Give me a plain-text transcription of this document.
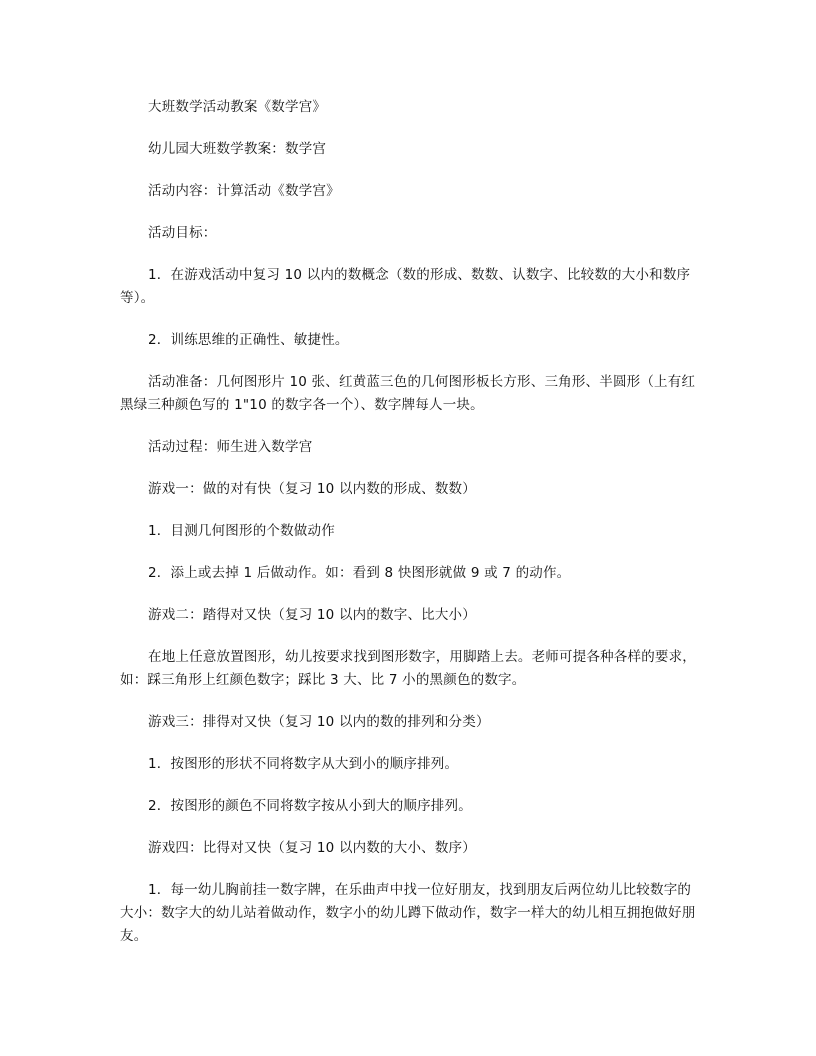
大班数学活动教案《数学宫》

幼儿园大班数学教案：数学宫

活动内容：计算活动《数学宫》

活动目标：

1．在游戏活动中复习 10 以内的数概念（数的形成、数数、认数字、比较数的大小和数序等）。

2．训练思维的正确性、敏捷性。

活动准备：几何图形片 10 张、红黄蓝三色的几何图形板长方形、三角形、半圆形（上有红黑绿三种颜色写的 1"10 的数字各一个）、数字牌每人一块。

活动过程：师生进入数学宫

游戏一：做的对有快（复习 10 以内数的形成、数数）

1．目测几何图形的个数做动作

2．添上或去掉 1 后做动作。如：看到 8 快图形就做 9 或 7 的动作。

游戏二：踏得对又快（复习 10 以内的数字、比大小）

在地上任意放置图形，幼儿按要求找到图形数字，用脚踏上去。老师可提各种各样的要求，如：踩三角形上红颜色数字；踩比 3 大、比 7 小的黑颜色的数字。

游戏三：排得对又快（复习 10 以内的数的排列和分类）

1．按图形的形状不同将数字从大到小的顺序排列。

2．按图形的颜色不同将数字按从小到大的顺序排列。

游戏四：比得对又快（复习 10 以内数的大小、数序）

1．每一幼儿胸前挂一数字牌，在乐曲声中找一位好朋友，找到朋友后两位幼儿比较数字的大小：数字大的幼儿站着做动作，数字小的幼儿蹲下做动作，数字一样大的幼儿相互拥抱做好朋友。
